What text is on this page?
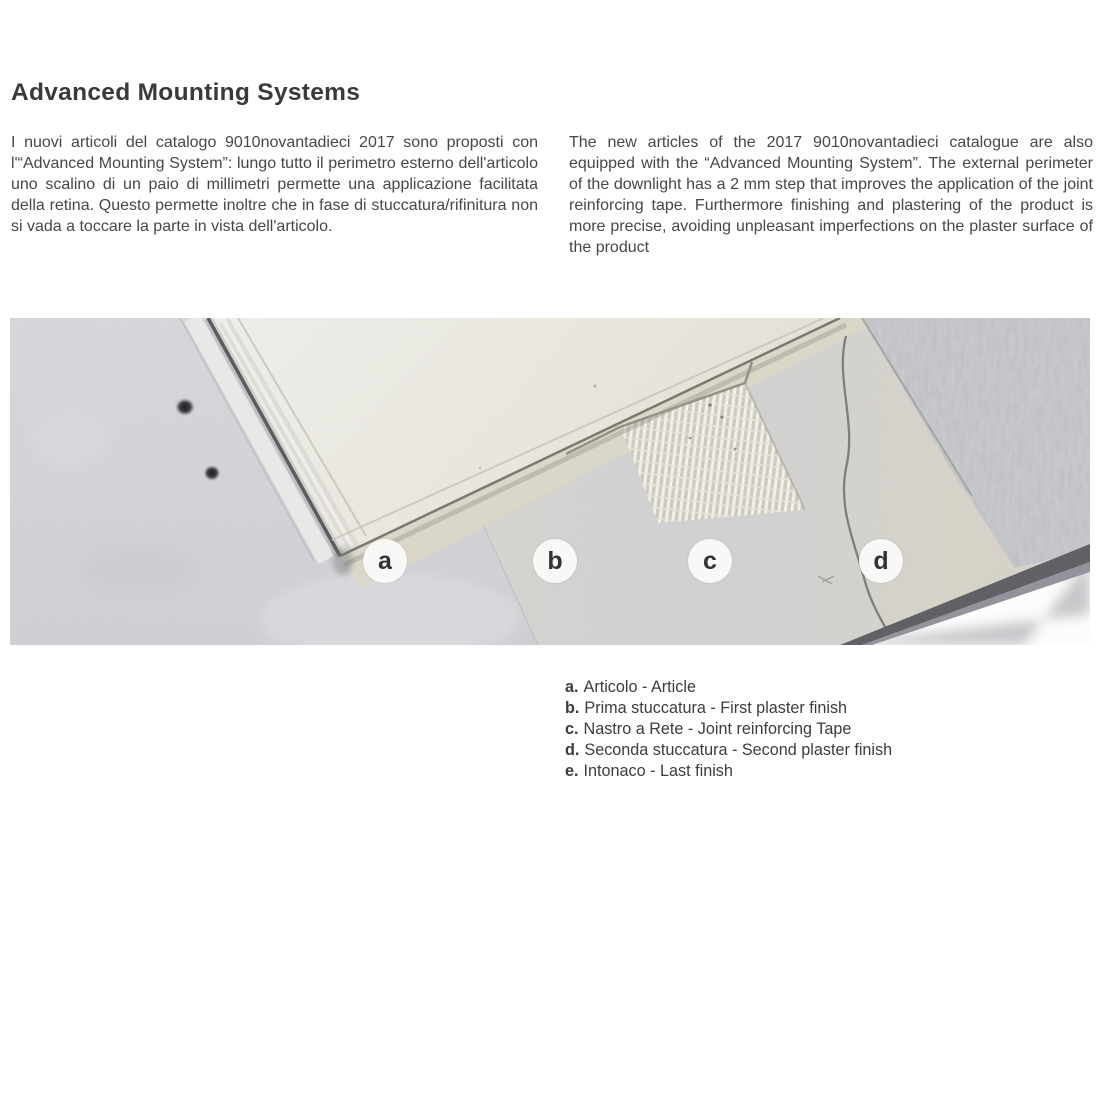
Advanced Mounting Systems

I nuovi articoli del catalogo 9010novantadieci 2017 sono proposti con l'“Advanced Mounting System”: lungo tutto il perimetro esterno dell'articolo uno scalino di un paio di millimetri permette una applicazione facilitata della retina. Questo permette inoltre che in fase di stuccatura/rifinitura non si vada a toccare la parte in vista dell'articolo.

The new articles of the 2017 9010novantadieci catalogue are also equipped with the “Advanced Mounting System”. The external perimeter of the downlight has a 2 mm step that improves the application of the joint reinforcing tape. Furthermore finishing and plastering of the product is more precise, avoiding unpleasant imperfections on the plaster surface of the product

a	b	c	d
a. Articolo - Article
b. Prima stuccatura - First plaster finish
c. Nastro a Rete - Joint reinforcing Tape
d. Seconda stuccatura - Second plaster finish
e. Intonaco - Last finish
